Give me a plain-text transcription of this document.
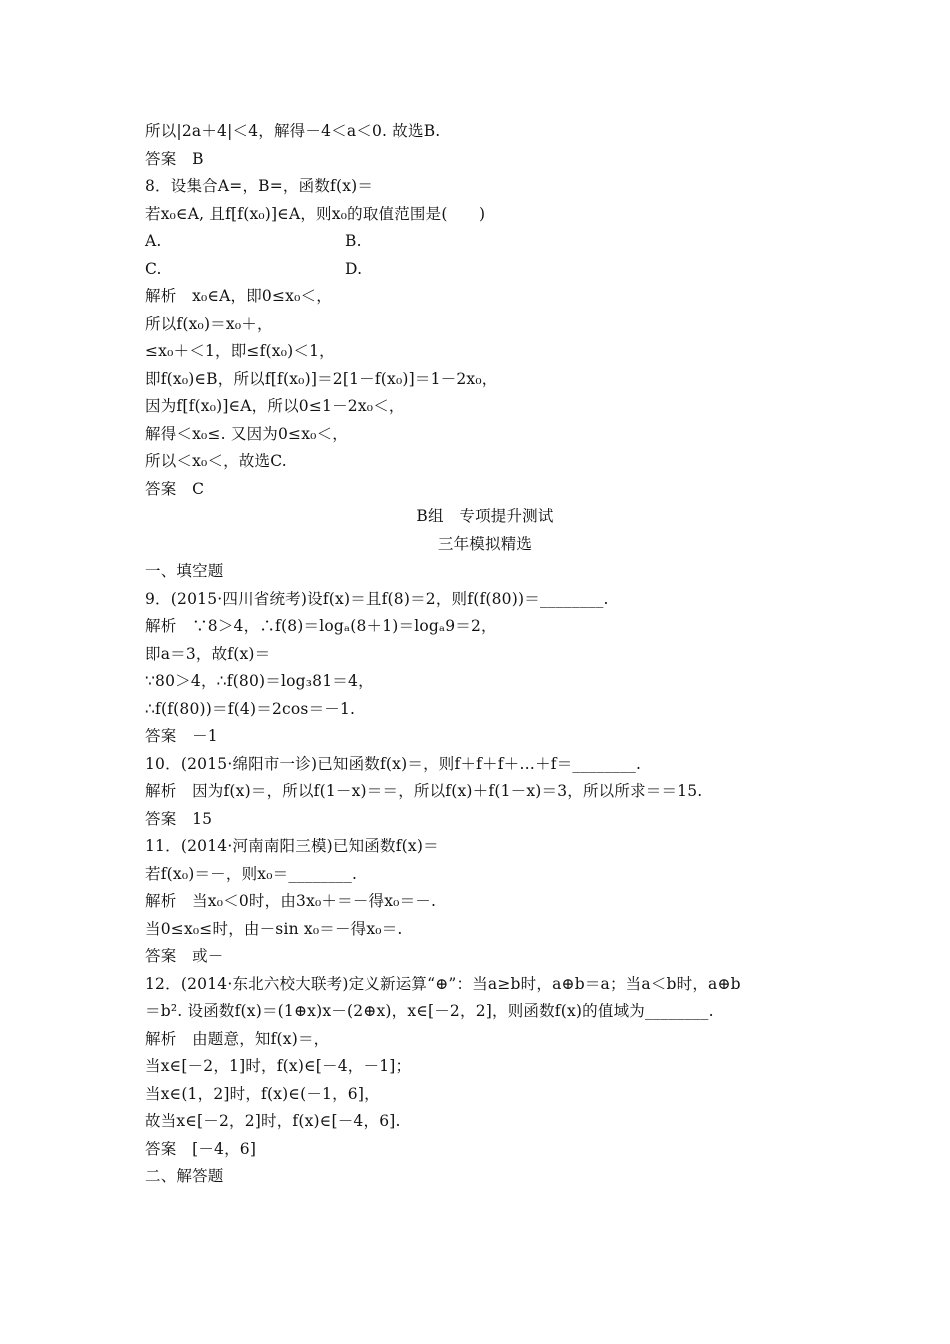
所以|2a＋4|＜4，解得－4＜a＜0. 故选B.
答案　B
8．设集合A=，B=，函数f(x)＝
若x₀∈A, 且f[f(x₀)]∈A，则x₀的取值范围是(　　)
A.	B.
C.	D.
解析　x₀∈A，即0≤x₀＜，
所以f(x₀)＝x₀＋，
≤x₀＋＜1，即≤f(x₀)＜1，
即f(x₀)∈B，所以f[f(x₀)]＝2[1－f(x₀)]＝1－2x₀，
因为f[f(x₀)]∈A，所以0≤1－2x₀＜，
解得＜x₀≤. 又因为0≤x₀＜，
所以＜x₀＜，故选C.
答案　C
B组　专项提升测试
三年模拟精选
一、填空题
9．(2015·四川省统考)设f(x)＝且f(8)＝2，则f(f(80))＝________.
解析　∵8＞4，∴f(8)＝logₐ(8＋1)＝logₐ9＝2，
即a＝3，故f(x)＝
∵80＞4，∴f(80)＝log₃81＝4，
∴f(f(80))＝f(4)＝2cos＝－1.
答案　－1
10．(2015·绵阳市一诊)已知函数f(x)＝，则f＋f＋f＋…＋f＝________.
解析　因为f(x)＝，所以f(1－x)＝＝，所以f(x)＋f(1－x)＝3，所以所求＝＝15.
答案　15
11．(2014·河南南阳三模)已知函数f(x)＝
若f(x₀)＝－，则x₀＝________.
解析　当x₀＜0时，由3x₀＋＝－得x₀＝－.
当0≤x₀≤时，由－sin x₀＝－得x₀＝.
答案　或－
12．(2014·东北六校大联考)定义新运算“⊕”：当a≥b时，a⊕b＝a；当a＜b时，a⊕b
＝b². 设函数f(x)＝(1⊕x)x－(2⊕x)，x∈[－2，2]，则函数f(x)的值域为________.
解析　由题意，知f(x)＝，
当x∈[－2，1]时，f(x)∈[－4，－1]；
当x∈(1，2]时，f(x)∈(－1，6]，
故当x∈[－2，2]时，f(x)∈[－4，6].
答案　[－4，6]
二、解答题
